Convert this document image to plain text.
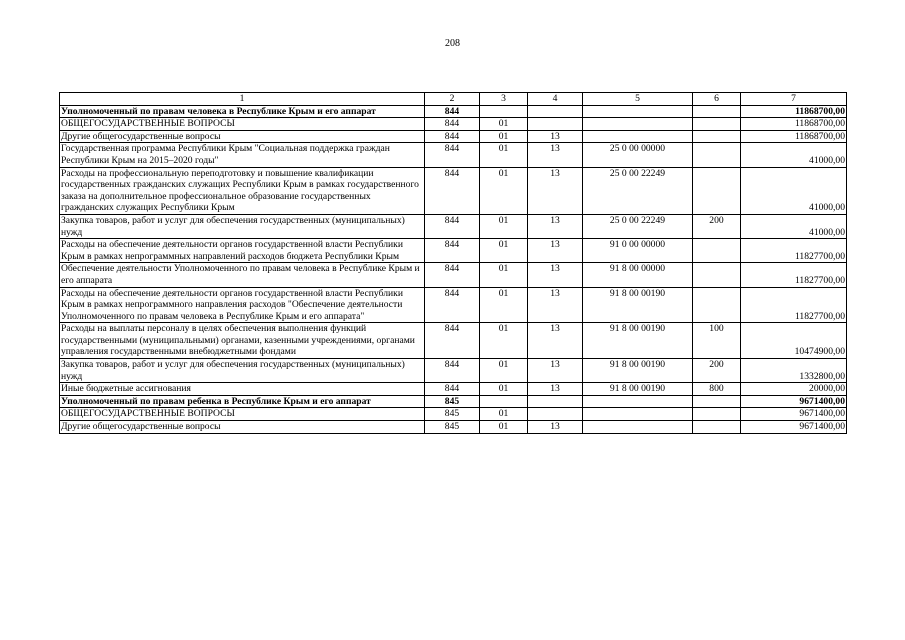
208
1	2	3	4	5	6	7
Уполномоченный по правам человека в Республике Крым и его аппарат	844					11868700,00
ОБЩЕГОСУДАРСТВЕННЫЕ ВОПРОСЫ	844	01				11868700,00
Другие общегосударственные вопросы	844	01	13			11868700,00
Государственная программа Республики Крым "Социальная поддержка граждан Республики Крым на 2015–2020 годы"	844	01	13	25 0 00 00000		41000,00
Расходы на профессиональную переподготовку и повышение квалификации государственных гражданских служащих Республики Крым в рамках государственного заказа на дополнительное профессиональное образование государственных гражданских служащих Республики Крым	844	01	13	25 0 00 22249		41000,00
Закупка товаров, работ и услуг для обеспечения государственных (муниципальных) нужд	844	01	13	25 0 00 22249	200	41000,00
Расходы на обеспечение деятельности органов государственной власти Республики Крым в рамках непрограммных направлений расходов бюджета Республики Крым	844	01	13	91 0 00 00000		11827700,00
Обеспечение деятельности Уполномоченного по правам человека в Республике Крым и его аппарата	844	01	13	91 8 00 00000		11827700,00
Расходы на обеспечение деятельности органов государственной власти Республики Крым в рамках непрограммного направления расходов "Обеспечение деятельности Уполномоченного по правам человека в Республике Крым и его аппарата"	844	01	13	91 8 00 00190		11827700,00
Расходы на выплаты персоналу в целях обеспечения выполнения функций государственными (муниципальными) органами, казенными учреждениями, органами управления государственными внебюджетными фондами	844	01	13	91 8 00 00190	100	10474900,00
Закупка товаров, работ и услуг для обеспечения государственных (муниципальных) нужд	844	01	13	91 8 00 00190	200	1332800,00
Иные бюджетные ассигнования	844	01	13	91 8 00 00190	800	20000,00
Уполномоченный по правам ребенка в Республике Крым и его аппарат	845					9671400,00
ОБЩЕГОСУДАРСТВЕННЫЕ ВОПРОСЫ	845	01				9671400,00
Другие общегосударственные вопросы	845	01	13			9671400,00
